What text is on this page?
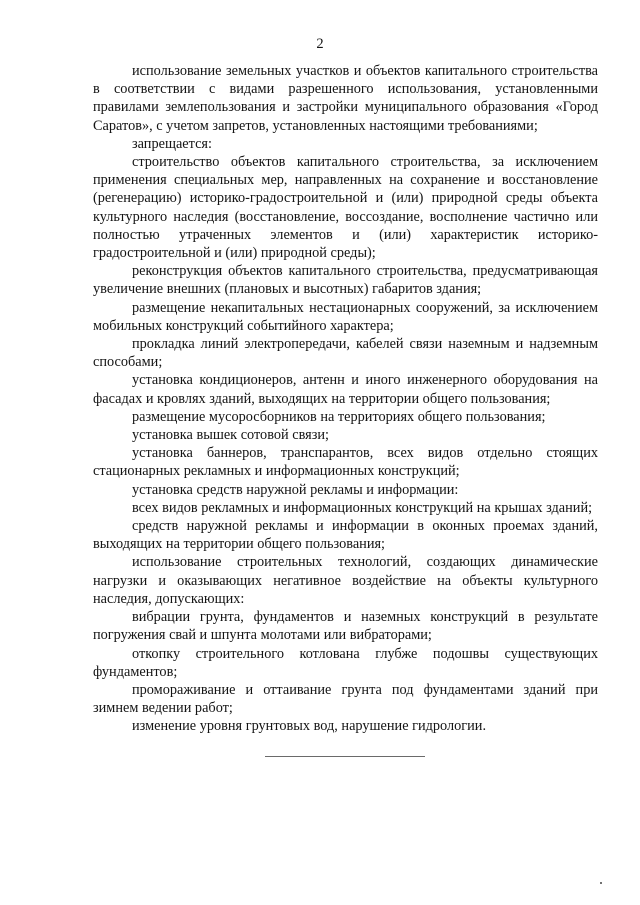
2

использование земельных участков и объектов капитального строительства в соответствии с видами разрешенного использования, установленными правилами землепользования и застройки муниципального образования «Город Саратов», с учетом запретов, установленных настоящими требованиями;

запрещается:

строительство объектов капитального строительства, за исключением применения специальных мер, направленных на сохранение и восстановление (регенерацию) историко-градостроительной и (или) природной среды объекта культурного наследия (восстановление, воссоздание, восполнение частично или полностью утраченных элементов и (или) характеристик историко-градостроительной и (или) природной среды);

реконструкция объектов капитального строительства, предусматривающая увеличение внешних (плановых и высотных) габаритов здания;

размещение некапитальных нестационарных сооружений, за исключением мобильных конструкций событийного характера;

прокладка линий электропередачи, кабелей связи наземным и надземным способами;

установка кондиционеров, антенн и иного инженерного оборудования на фасадах и кровлях зданий, выходящих на территории общего пользования;

размещение мусоросборников на территориях общего пользования;

установка вышек сотовой связи;

установка баннеров, транспарантов, всех видов отдельно стоящих стационарных рекламных и информационных конструкций;

установка средств наружной рекламы и информации:

всех видов рекламных и информационных конструкций на крышах зданий;

средств наружной рекламы и информации в оконных проемах зданий, выходящих на территории общего пользования;

использование строительных технологий, создающих динамические нагрузки и оказывающих негативное воздействие на объекты культурного наследия, допускающих:

вибрации грунта, фундаментов и наземных конструкций в результате погружения свай и шпунта молотами или вибраторами;

откопку строительного котлована глубже подошвы существующих фундаментов;

промораживание и оттаивание грунта под фундаментами зданий при зимнем ведении работ;

изменение уровня грунтовых вод, нарушение гидрологии.
